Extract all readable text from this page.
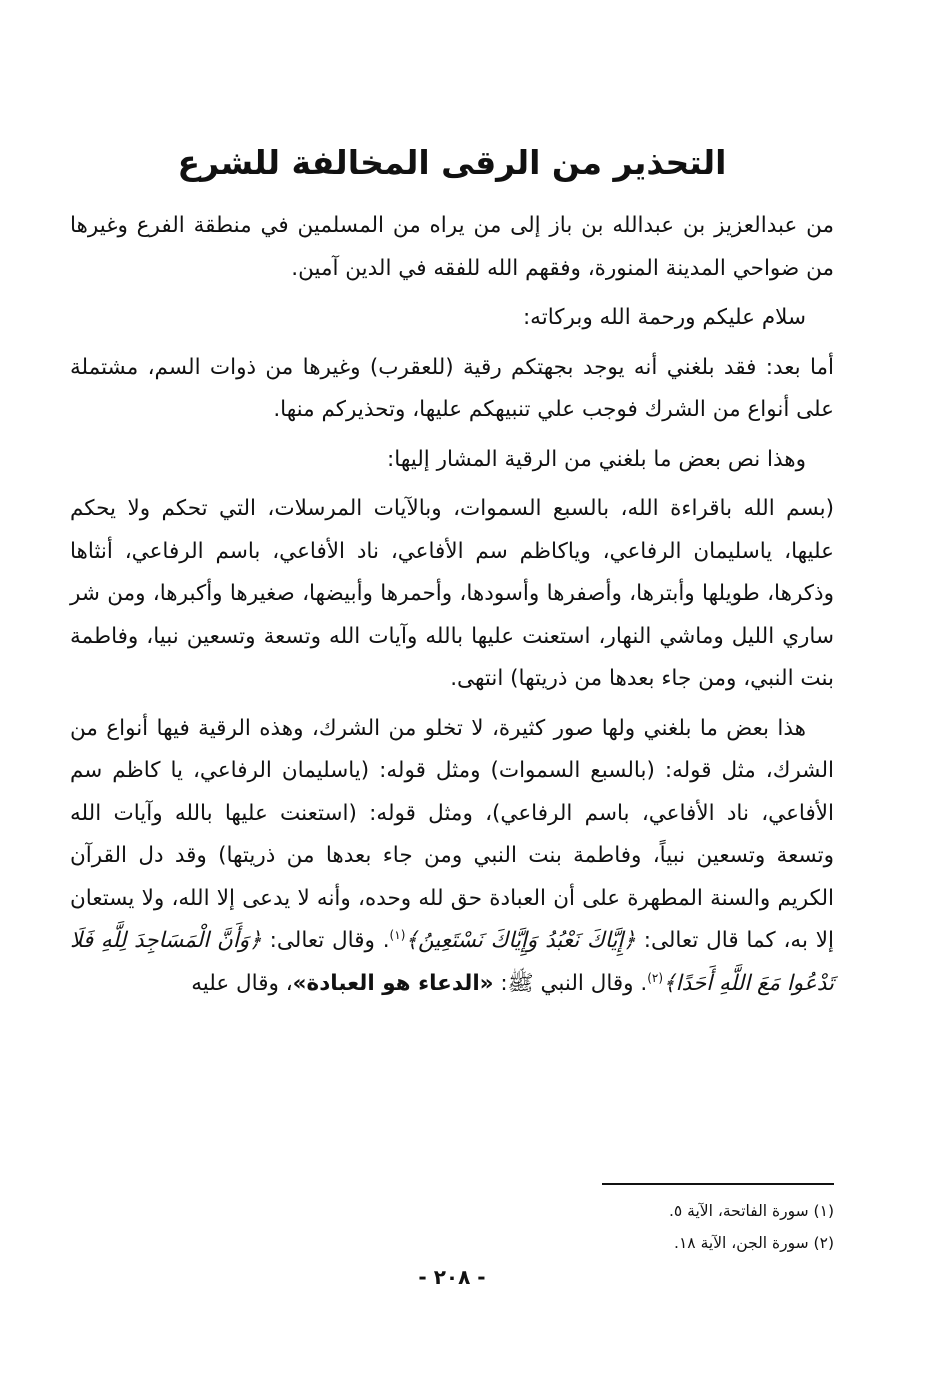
التحذير من الرقى المخالفة للشرع

من عبدالعزيز بن عبدالله بن باز إلى من يراه من المسلمين في منطقة الفرع وغيرها من ضواحي المدينة المنورة، وفقهم الله للفقه في الدين آمين.

سلام عليكم ورحمة الله وبركاته:

أما بعد: فقد بلغني أنه يوجد بجهتكم رقية (للعقرب) وغيرها من ذوات السم، مشتملة على أنواع من الشرك فوجب علي تنبيهكم عليها، وتحذيركم منها.

وهذا نص بعض ما بلغني من الرقية المشار إليها:

(بسم الله باقراءة الله، بالسبع السموات، وبالآيات المرسلات، التي تحكم ولا يحكم عليها، ياسليمان الرفاعي، وياكاظم سم الأفاعي، ناد الأفاعي، باسم الرفاعي، أنثاها وذكرها، طويلها وأبترها، وأصفرها وأسودها، وأحمرها وأبيضها، صغيرها وأكبرها، ومن شر ساري الليل وماشي النهار، استعنت عليها بالله وآيات الله وتسعة وتسعين نبيا، وفاطمة بنت النبي، ومن جاء بعدها من ذريتها) انتهى.

هذا بعض ما بلغني ولها صور كثيرة، لا تخلو من الشرك، وهذه الرقية فيها أنواع من الشرك، مثل قوله: (بالسبع السموات) ومثل قوله: (ياسليمان الرفاعي، يا كاظم سم الأفاعي، ناد الأفاعي، باسم الرفاعي)، ومثل قوله: (استعنت عليها بالله وآيات الله وتسعة وتسعين نبياً، وفاطمة بنت النبي ومن جاء بعدها من ذريتها) وقد دل القرآن الكريم والسنة المطهرة على أن العبادة حق لله وحده، وأنه لا يدعى إلا الله، ولا يستعان إلا به، كما قال تعالى: ﴿إِيَّاكَ نَعْبُدُ وَإِيَّاكَ نَسْتَعِينُ﴾$^{(١)}$. وقال تعالى: ﴿وَأَنَّ الْمَسَاجِدَ لِلَّهِ فَلَا تَدْعُوا مَعَ اللَّهِ أَحَدًا﴾$^{(٢)}$. وقال النبي ﷺ: «الدعاء هو العبادة»، وقال عليه

(١) سورة الفاتحة، الآية ٥.
(٢) سورة الجن، الآية ١٨.
- ٢٠٨ -
